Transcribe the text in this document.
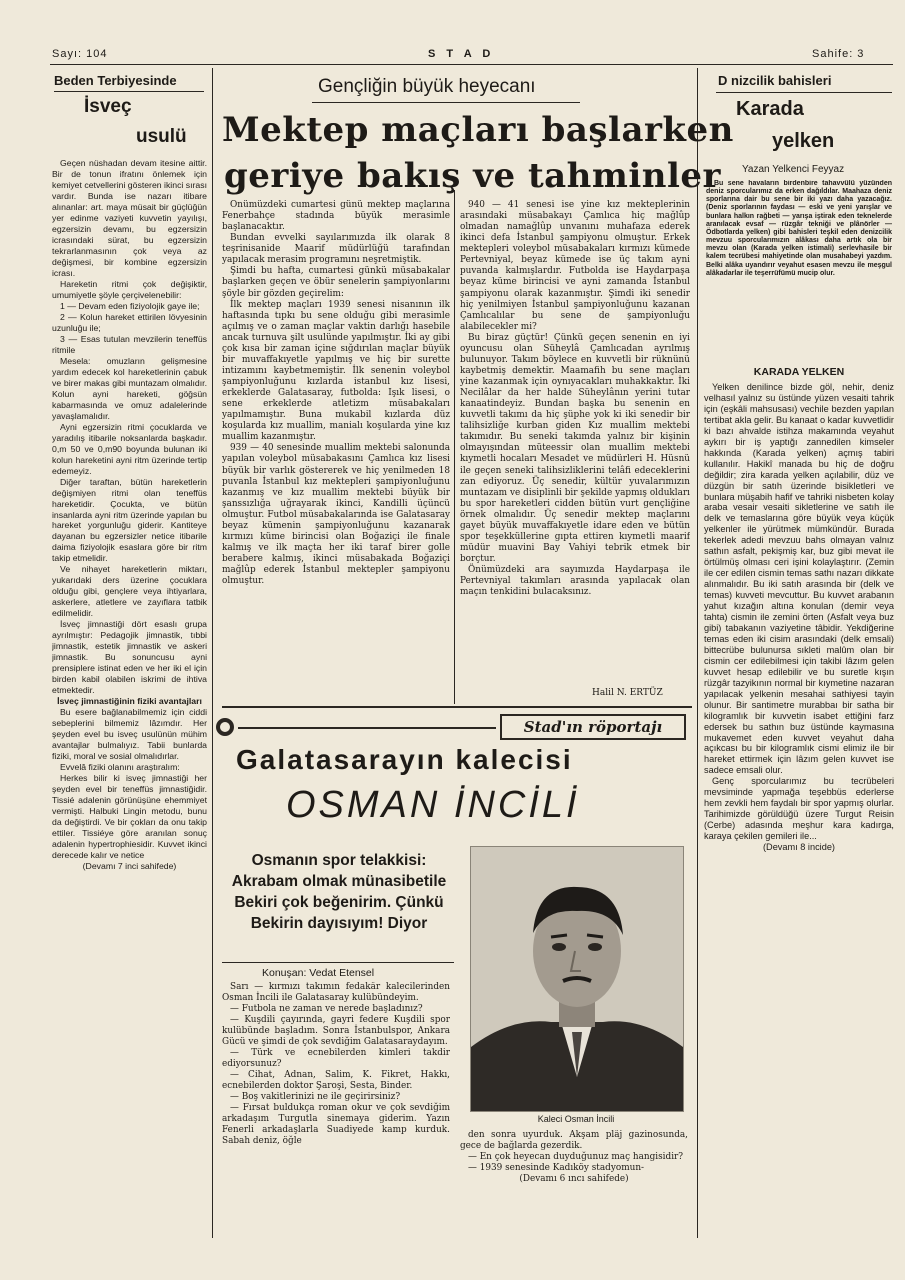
Sayı: 104	S T A D	Sahife: 3
Beden Terbiyesinde
İsveç
usulü

Geçen nüshadan devam itesine aittir. Bir de tonun ifratını önlemek için kemiyet cetvellerini gösteren ikinci sırası vardır. Bunda ise nazarı itibare alınanlar: art. maya müsait bir güçlüğün yer edinme vaziyeti kuvvetin yayılışı, egzersizin devamı, bu egzersizin icrasındaki sürat, bu egzersizin tekrarlanmasının çok veya az değişmesi, bir kombine egzersizin icrası.

Hareketin ritmi çok değişiktir, umumiyetle şöyle çerçivelenebilir:

1 — Devam eden fiziyolojik gaye ile;

2 — Kolun hareket ettirilen lövyesinin uzunluğu ile;

3 — Esas tutulan mevzilerin teneffüs ritmile

Mesela: omuzların gelişmesine yardım edecek kol hareketlerinin çabuk ve birer makas gibi muntazam olmalıdır. Kolun ayni hareketi, göğsün kabarmasında ve omuz adalelerinde yavaşlamalıdır.

Ayni egzersizin ritmi çocuklarda ve yaradılış itibarile noksanlarda başkadır. 0,m 50 ve 0,m90 boyunda bulunan iki kolun hareketini ayni ritm üzerinde tertip edemeyiz.

Diğer taraftan, bütün hareketlerin değişmiyen ritmi olan teneffüs hareketidir. Çocukta, ve bütün insanlarda ayni ritm üzerinde yapılan bu hareket yorgunluğu giderir. Kantiteye dayanan bu egzersizler netice itibarile daima fiziyolojik esaslara göre bir ritm takip etmelidir.

Ve nihayet hareketlerin miktarı, yukarıdaki ders üzerine çocuklara olduğu gibi, gençlere veya ihtiyarlara, askerlere, atletlere ve zayıflara tatbik edilmelidir.

İsveç jimnastiği dört esaslı grupa ayrılmıştır: Pedagojik jimnastik, tıbbi jimnastik, estetik jimnastik ve askeri jimnastik. Bu sonuncusu ayni prensiplere istinat eden ve her iki el için birden kabil olabilen iskrimi de ihtiva etmektedir.

İsveç jimnastiğinin fiziki avantajları

Bu esere bağlanabilmemiz için ciddi sebeplerini bilmemiz lâzımdır. Her şeyden evel bu isveç usulünün mühim avantajlar bulmalıyız. Tabii bunlarda fiziki, moral ve sosial olmalıdırlar.

Evvelâ fiziki olanını araştıralım:

Herkes bilir ki isveç jimnastiği her şeyden evel bir teneffüs jimnastiğidir. Tissié adalenin görünüşüne ehemmiyet vermişti. Halbuki Lingin metodu, bunu da değiştirdi. Ve bir çokları da onu takip ettiler. Tissiéye göre aranılan sonuç adalenin hypertrophiesidir. Kuvvet ikinci derecede kalır ve netice

(Devamı 7 inci sahifede)

Gençliğin büyük heyecanı
Mektep maçları başlarken
geriye bakış ve tahminler

Önümüzdeki cumartesi günü mektep maçlarına Fenerbahçe stadında büyük merasimle başlanacaktır.

Bundan evvelki sayılarımızda ilk olarak 8 teşrinisanide Maarif müdürlüğü tarafından yapılacak merasim programını neşretmiştik.

Şimdi bu hafta, cumartesi günkü müsabakalar başlarken geçen ve öbür senelerin şampiyonlarını şöyle bir gözden geçirelim:

İlk mektep maçları 1939 senesi nisanının ilk haftasında tıpkı bu sene olduğu gibi merasimle açılmış ve o zaman maçlar vaktin darlığı hasebile ancak turnuva şilt usulünde yapılmıştır. İki ay gibi çok kısa bir zaman içine sığdırılan maçlar büyük bir muvaffakıyetle yapılmış ve hiç bir surette intizamını kaybetmemiştir. İlk senenin voleybol şampiyonluğunu kızlarda istanbul kız lisesi, erkeklerde Galatasaray, futbolda: Işık lisesi, o sene erkeklerde atletizm müsabakaları yapılmamıştır. Buna mukabil kızlarda düz koşularda kız muallim, manialı koşularda yine kız muallim kazanmıştır.

939 — 40 senesinde muallim mektebi salonunda yapılan voleybol müsabakasını Çamlıca kız lisesi büyük bir varlık göstererek ve hiç yenilmeden 18 puvanla İstanbul kız mektepleri şampiyonluğunu kazanmış ve kız muallim mektebi büyük bir şanssızlığa uğrayarak ikinci, Kandilli üçüncü olmuştur. Futbol müsabakalarında ise Galatasaray beyaz kümenin şampiyonluğunu kazanarak kırmızı küme birincisi olan Boğaziçi ile finale kalmış ve ilk maçta her iki taraf birer golle berabere kalmış, ikinci müsabakada Boğaziçi mağlûp ederek İstanbul mektepler şampiyonu olmuştur.

940 — 41 senesi ise yine kız mekteplerinin arasındaki müsabakayı Çamlıca hiç mağlûp olmadan namağlûp unvanını muhafaza ederek ikinci defa İstanbul şampiyonu olmuştur. Erkek mektepleri voleybol müsabakaları kırmızı kümede Pertevniyal, beyaz kümede ise üç takım ayni puvanda kalmışlardır. Futbolda ise Haydarpaşa beyaz küme birincisi ve ayni zamanda İstanbul şampiyonu olarak kazanmıştır. Şimdi iki senedir hiç yenilmiyen İstanbul şampiyonluğunu kazanan Çamlıcalılar bu sene de şampiyonluğu alabilecekler mi?

Bu biraz güçtür! Çünkü geçen senenin en iyi oyuncusu olan Süheylâ Çamlıcadan ayrılmış bulunuyor. Takım böylece en kuvvetli bir rüknünü kaybetmiş demektir. Maamafih bu sene maçları yine kazanmak için oynıyacakları muhakkaktır. İki Necilâlar da her halde Süheylânın yerini tutar kanaatindeyiz. Bundan başka bu senenin en kuvvetli takımı da hiç şüphe yok ki iki senedir bir talihsizliğe kurban giden Kız muallim mektebi takımıdır. Bu seneki takımda yalnız bir kişinin olmayışından müteessir olan muallim mektebi kıymetli hocaları Mesadet ve müdürleri H. Hüsnü ile geçen seneki talihsizliklerini telâfi edeceklerini zan ediyoruz. Üç senedir, kültür yuvalarımızın muntazam ve disiplinli bir şekilde yapmış oldukları bu spor hareketleri cidden bütün vurt gençliğine örnek olmalıdır. Üç senedir mektep maçlarını gayet büyük muvaffakıyetle idare eden ve bütün spor teşekküllerine gıpta ettiren kıymetli maarif müdür muavini Bay Vahiyi tebrik etmek bir borçtur.

Önümüzdeki ara sayımızda Haydarpaşa ile Pertevniyal takımları arasında yapılacak olan maçın tenkidini bulacaksınız.

Halil N. ERTÜZ
Stad'ın röportajı
Galatasarayın kalecisi
OSMAN İNCİLİ
Osmanın spor telakkisi: Akrabam olmak münasibetile Bekiri çok beğenirim. Çünkü Bekirin dayısıyım! Diyor
Konuşan: Vedat Etensel

Sarı — kırmızı takımın fedakâr kalecilerinden Osman İncili ile Galatasaray kulübündeyim.

— Futbola ne zaman ve nerede başladınız?

— Kuşdili çayırında, gayri federe Kuşdili spor kulübünde başladım. Sonra İstanbulspor, Ankara Gücü ve şimdi de çok sevdiğim Galatasaraydayım.

— Türk ve ecnebilerden kimleri takdir ediyorsunuz?

— Cihat, Adnan, Salim, K. Fikret, Hakkı, ecnebilerden doktor Şaroşi, Sesta, Binder.

— Boş vakitlerinizi ne ile geçirirsiniz?

— Fırsat buldukça roman okur ve çok sevdiğim arkadaşım Turgutla sinemaya giderim. Yazın Fenerli arkadaşlarla Suadiyede kamp kurduk. Sabah deniz, öğle

Kaleci Osman İncili

den sonra uyurduk. Akşam plâj gazinosunda, gece de bağlarda gezerdik.

— En çok heyecan duyduğunuz maç hangisidir?

— 1939 senesinde Kadıköy stadyomun-

(Devamı 6 ıncı sahifede)

D nizcilik bahisleri
Karada
yelken
Yazan Yelkenci Feyyaz

Bu sene havaların birdenbire tahavvülü yüzünden deniz sporcularımız da erken dağıldılar. Maahaza deniz sporlarına dair bu sene bir iki yazı daha yazacağız. (Deniz sporlarının faydası — eski ve yeni yarışlar ve bunlara halkın rağbeti — yarışa iştirak eden teknelerde aranılacak evsaf — rüzgâr tekniği ve plânörler — Ödbotlarda yelken) gibi bahisleri teşkil eden denizcilik mevzuu sporcularımızın alâkası daha artık ola bir mevzu olan (Karada yelken istimali) serlevhasile bir kalem tecrübesi mahiyetinde olan musahabeyi yazdım. Belki alâka uyandırır veyahut esasen mevzu ile meşgul alâkadarlar ile teşerrüfümü mucip olur.

KARADA YELKEN

Yelken denilince bizde göl, nehir, deniz velhasıl yalnız su üstünde yüzen vesaiti tahrik için (eşkâli mahsusası) vechile bezden yapılan tertibat akla gelir. Bu kanaat o kadar kuvvetlidir ki bazı ahvalde istihza makamında veyahut aykırı bir iş yaptığı zannedilen kimseler hakkında (Karada yelken) açmış tabiri kullanılır. Hakikî manada bu hiç de doğru değildir; zira karada yelken açılabilir, düz ve düzgün bir satıh üzerinde bisikletleri ve bunlara müşabih hafif ve tahriki nisbeten kolay araba vesair vesaiti sikletlerine ve satıh ile delk ve temaslarına göre büyük veya küçük yelkenler ile yürütmek mümkündür. Burada tekerlek adedi mevzuu bahs olmayan valnız sathın asfalt, pekişmiş kar, buz gibi mevat ile örtülmüş olması ceri işini kolaylaştırır. (Zemin ile cer edilen cismin temas sathı nazarı dikkate alınmalıdır. Bu iki satıh arasında bir (delk ve temas) kuvveti mevcuttur. Bu kuvvet arabanın yahut kızağın altına konulan (demir veya tahta) cismin ile zemini örten (Asfalt veya buz gibi) tabakanın vaziyetine tâbidir. Yekdiğerine temas eden iki cisim arasındaki (delk emsali) bittecrübe bulunursa sıkleti malûm olan bir cismin cer edilebilmesi için takibi lâzım gelen kuvvet hesap edilebilir ve bu suretle kışın rüzgâr tazyikının normal bir kıymetine nazaran yapılacak yelkenin mesahai sathiyesi tayin olunur. Bir santimetre murabbaı bir satha bir kilogramlık bir kuvvetin isabet ettiğini farz edersek bu sathın buz üstünde kaymasına mukavemet eden kuvvet veyahut daha açıkcası bu bir kilogramlık cismi elimiz ile bir hareket ettirmek için lâzım gelen kuvvet ise sadece emsali olur.

Genç sporcularımız bu tecrübeleri mevsiminde yapmağa teşebbüs ederlerse hem zevkli hem faydalı bir spor yapmış olurlar. Tarihimizde görüldüğü üzere Turgut Reisin (Cerbe) adasında meşhur kara kadırga, karaya çekilen gemileri ile...

(Devamı 8 incide)
